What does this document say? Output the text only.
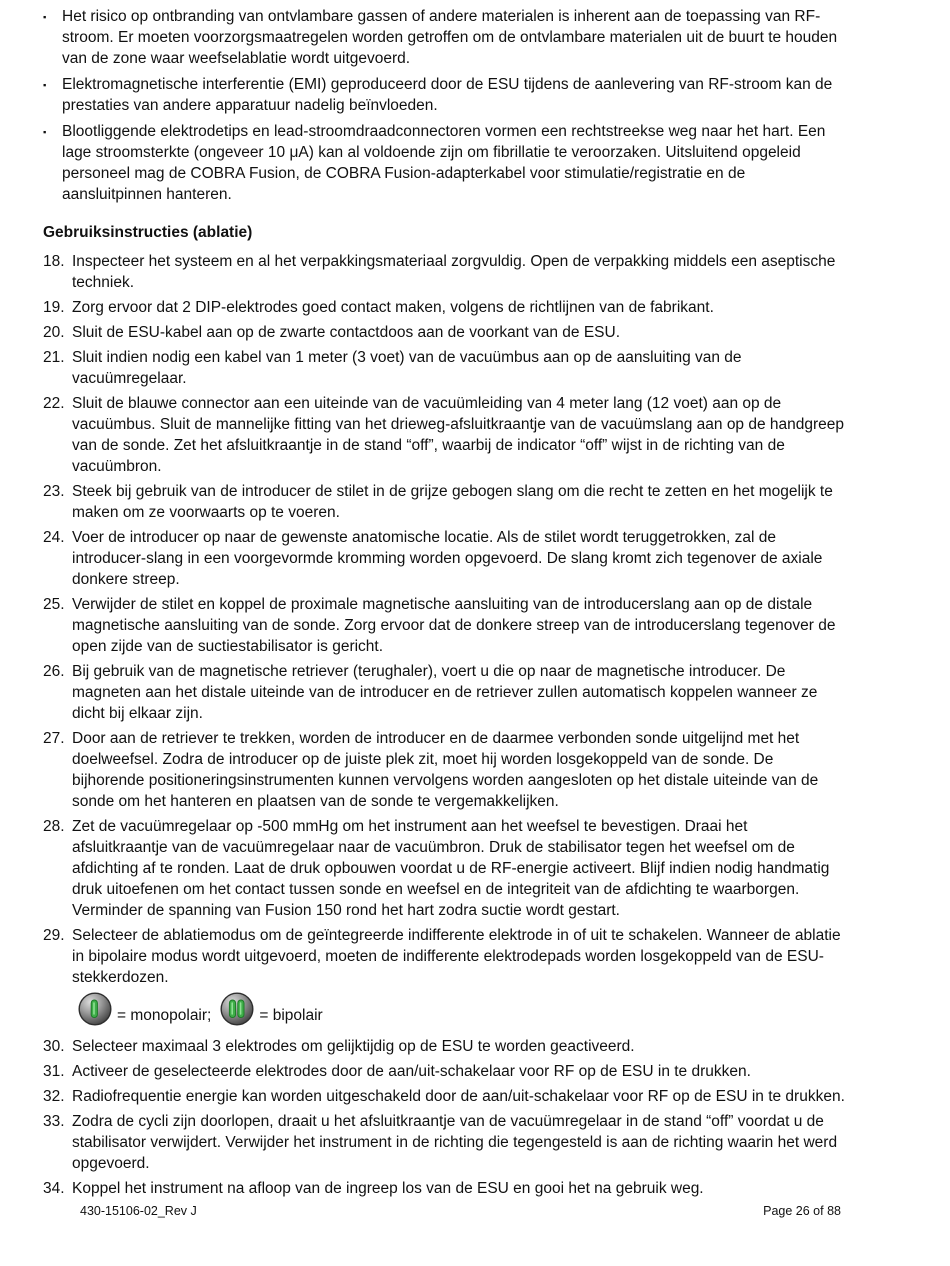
▪	Het risico op ontbranding van ontvlambare gassen of andere materialen is inherent aan de toepassing van RF-stroom. Er moeten voorzorgsmaatregelen worden getroffen om de ontvlambare materialen uit de buurt te houden van de zone waar weefselablatie wordt uitgevoerd.
▪	Elektromagnetische interferentie (EMI) geproduceerd door de ESU tijdens de aanlevering van RF-stroom kan de prestaties van andere apparatuur nadelig beïnvloeden.
▪	Blootliggende elektrodetips en lead-stroomdraadconnectoren vormen een rechtstreekse weg naar het hart. Een lage stroomsterkte (ongeveer 10 μA) kan al voldoende zijn om fibrillatie te veroorzaken. Uitsluitend opgeleid personeel mag de COBRA Fusion, de COBRA Fusion-adapterkabel voor stimulatie/registratie en de aansluitpinnen hanteren.
Gebruiksinstructies (ablatie)
18. Inspecteer het systeem en al het verpakkingsmateriaal zorgvuldig. Open de verpakking middels een aseptische techniek.
19. Zorg ervoor dat 2 DIP-elektrodes goed contact maken, volgens de richtlijnen van de fabrikant.
20. Sluit de ESU-kabel aan op de zwarte contactdoos aan de voorkant van de ESU.
21. Sluit indien nodig een kabel van 1 meter (3 voet) van de vacuümbus aan op de aansluiting van de vacuümregelaar.
22. Sluit de blauwe connector aan een uiteinde van de vacuümleiding van 4 meter lang (12 voet) aan op de vacuümbus. Sluit de mannelijke fitting van het drieweg-afsluitkraantje van de vacuümslang aan op de handgreep van de sonde. Zet het afsluitkraantje in de stand “off”, waarbij de indicator “off” wijst in de richting van de vacuümbron.
23. Steek bij gebruik van de introducer de stilet in de grijze gebogen slang om die recht te zetten en het mogelijk te maken om ze voorwaarts op te voeren.
24. Voer de introducer op naar de gewenste anatomische locatie. Als de stilet wordt teruggetrokken, zal de introducer-slang in een voorgevormde kromming worden opgevoerd. De slang kromt zich tegenover de axiale donkere streep.
25. Verwijder de stilet en koppel de proximale magnetische aansluiting van de introducerslang aan op de distale magnetische aansluiting van de sonde. Zorg ervoor dat de donkere streep van de introducerslang tegenover de open zijde van de suctiestabilisator is gericht.
26. Bij gebruik van de magnetische retriever (terughaler), voert u die op naar de magnetische introducer. De magneten aan het distale uiteinde van de introducer en de retriever zullen automatisch koppelen wanneer ze dicht bij elkaar zijn.
27. Door aan de retriever te trekken, worden de introducer en de daarmee verbonden sonde uitgelijnd met het doelweefsel. Zodra de introducer op de juiste plek zit, moet hij worden losgekoppeld van de sonde. De bijhorende positioneringsinstrumenten kunnen vervolgens worden aangesloten op het distale uiteinde van de sonde om het hanteren en plaatsen van de sonde te vergemakkelijken.
28. Zet de vacuümregelaar op -500 mmHg om het instrument aan het weefsel te bevestigen. Draai het afsluitkraantje van de vacuümregelaar naar de vacuümbron. Druk de stabilisator tegen het weefsel om de afdichting af te ronden. Laat de druk opbouwen voordat u de RF-energie activeert. Blijf indien nodig handmatig druk uitoefenen om het contact tussen sonde en weefsel en de integriteit van de afdichting te waarborgen. Verminder de spanning van Fusion 150 rond het hart zodra suctie wordt gestart.
29. Selecteer de ablatiemodus om de geïntegreerde indifferente elektrode in of uit te schakelen. Wanneer de ablatie in bipolaire modus wordt uitgevoerd, moeten de indifferente elektrodepads worden losgekoppeld van de ESU-stekkerdozen.
= monopolair;	= bipolair
30. Selecteer maximaal 3 elektrodes om gelijktijdig op de ESU te worden geactiveerd.
31. Activeer de geselecteerde elektrodes door de aan/uit-schakelaar voor RF op de ESU in te drukken.
32. Radiofrequentie energie kan worden uitgeschakeld door de aan/uit-schakelaar voor RF op de ESU in te drukken.
33. Zodra de cycli zijn doorlopen, draait u het afsluitkraantje van de vacuümregelaar in de stand “off” voordat u de stabilisator verwijdert. Verwijder het instrument in de richting die tegengesteld is aan de richting waarin het werd opgevoerd.
34. Koppel het instrument na afloop van de ingreep los van de ESU en gooi het na gebruik weg.
430-15106-02_Rev J	Page 26 of 88
